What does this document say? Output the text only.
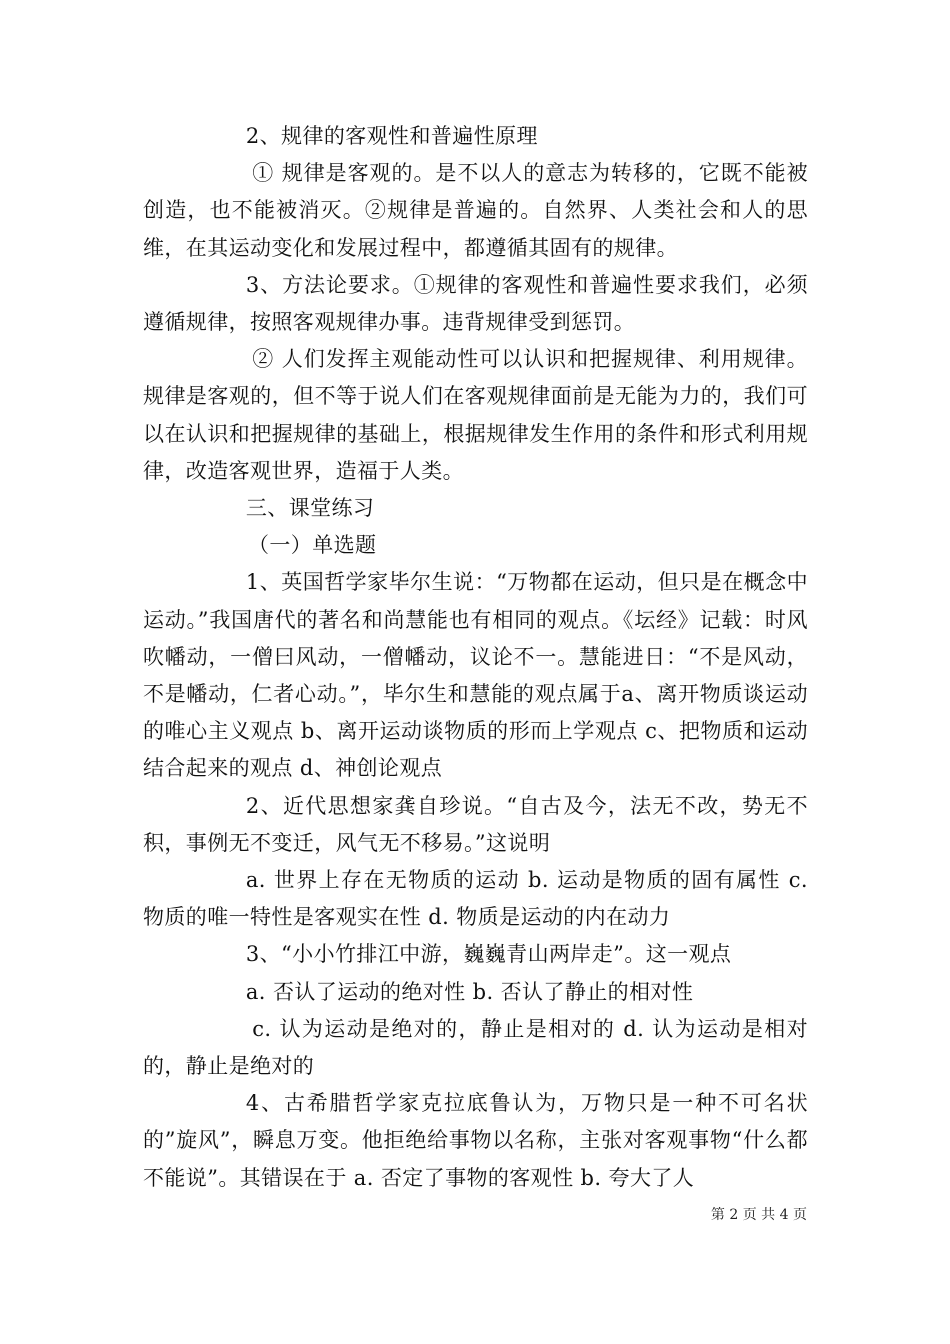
2、规律的客观性和普遍性原理

① 规律是客观的。是不以人的意志为转移的，它既不能被创造，也不能被消灭。②规律是普遍的。自然界、人类社会和人的思维，在其运动变化和发展过程中，都遵循其固有的规律。

3、方法论要求。①规律的客观性和普遍性要求我们，必须遵循规律，按照客观规律办事。违背规律受到惩罚。

② 人们发挥主观能动性可以认识和把握规律、利用规律。规律是客观的，但不等于说人们在客观规律面前是无能为力的，我们可以在认识和把握规律的基础上，根据规律发生作用的条件和形式利用规律，改造客观世界，造福于人类。

三、课堂练习

（一）单选题

1、英国哲学家毕尔生说：“万物都在运动，但只是在概念中运动。”我国唐代的著名和尚慧能也有相同的观点。《坛经》记载：时风吹幡动，一僧曰风动，一僧幡动，议论不一。慧能进日：“不是风动，不是幡动，仁者心动。”，毕尔生和慧能的观点属于a、离开物质谈运动的唯心主义观点 b、离开运动谈物质的形而上学观点 c、把物质和运动结合起来的观点 d、神创论观点

2、近代思想家龚自珍说。“自古及今，法无不改，势无不积，事例无不变迁，风气无不移易。”这说明

a. 世界上存在无物质的运动 b. 运动是物质的固有属性 c. 物质的唯一特性是客观实在性 d. 物质是运动的内在动力

3、“小小竹排江中游，巍巍青山两岸走”。这一观点

a. 否认了运动的绝对性 b. 否认了静止的相对性

c. 认为运动是绝对的，静止是相对的 d. 认为运动是相对的，静止是绝对的

4、古希腊哲学家克拉底鲁认为，万物只是一种不可名状的”旋风”，瞬息万变。他拒绝给事物以名称，主张对客观事物“什么都不能说”。其错误在于 a. 否定了事物的客观性 b. 夸大了人

第 2 页 共 4 页
